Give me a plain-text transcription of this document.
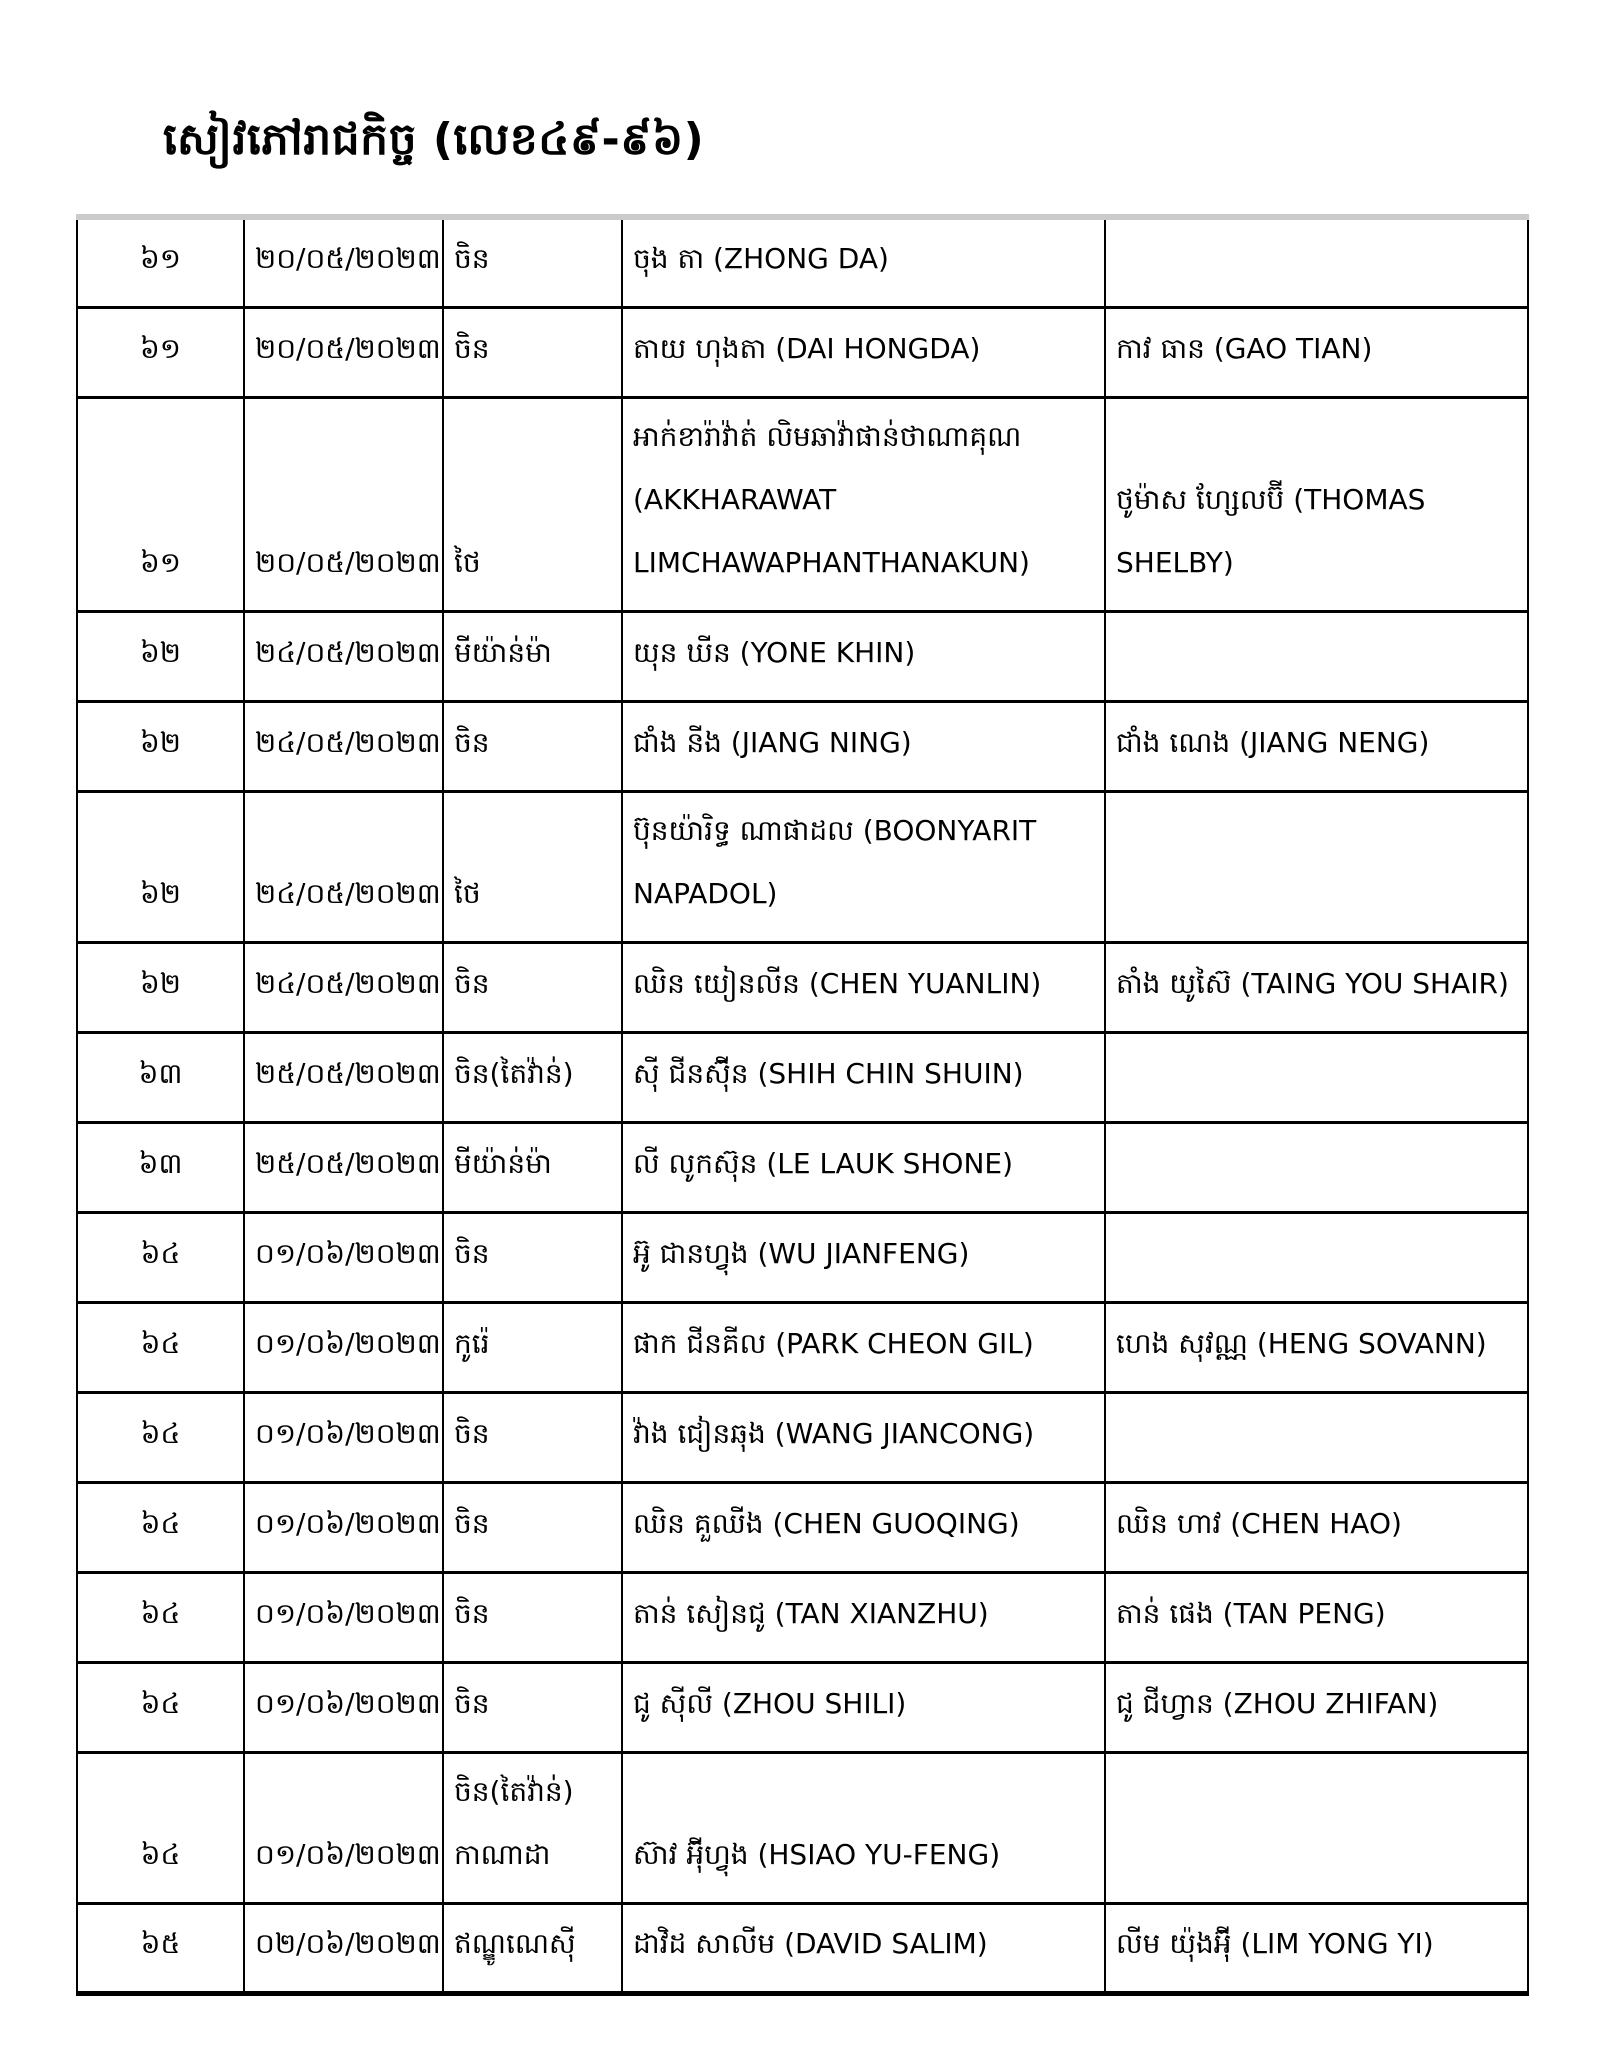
សៀវភៅរាជកិច្ច (លេខ៤៩-៩៦)
៦១	២០/០៥/២០២៣	ចិន	ចុង តា (ZHONG DA)	
៦១	២០/០៥/២០២៣	ចិន	តាយ ហុងតា (DAI HONGDA)	កាវ ធាន (GAO TIAN)
៦១	២០/០៥/២០២៣	ថៃ	អាក់ខារ៉ាវ៉ាត់ លិមឆាវ៉ាផាន់ថាណាគុណ (AKKHARAWAT LIMCHAWAPHANTHANAKUN)	ថូម៉ាស ហ្សែលប៊ី (THOMAS SHELBY)
៦២	២៤/០៥/២០២៣	មីយ៉ាន់ម៉ា	យុន ឃីន (YONE KHIN)	
៦២	២៤/០៥/២០២៣	ចិន	ជាំង នីង (JIANG NING)	ជាំង ណេង (JIANG NENG)
៦២	២៤/០៥/២០២៣	ថៃ	ប៊ុនយ៉ារិទ្ធ ណាផាដល (BOONYARIT NAPADOL)	
៦២	២៤/០៥/២០២៣	ចិន	ឈិន យៀនលីន (CHEN YUANLIN)	តាំង យូស៊ៃ (TAING YOU SHAIR)
៦៣	២៥/០៥/២០២៣	ចិន(តៃវ៉ាន់)	ស៊ី ជីនស៊ុីន (SHIH CHIN SHUIN)	
៦៣	២៥/០៥/២០២៣	មីយ៉ាន់ម៉ា	លី លូកស៊ុន (LE LAUK SHONE)	
៦៤	០១/០៦/២០២៣	ចិន	អ៊ូ ជានហ្វុង (WU JIANFENG)	
៦៤	០១/០៦/២០២៣	កូរ៉េ	ផាក ជីនគីល (PARK CHEON GIL)	ហេង សុវណ្ណ (HENG SOVANN)
៦៤	០១/០៦/២០២៣	ចិន	វ៉ាង ជៀនឆុង (WANG JIANCONG)	
៦៤	០១/០៦/២០២៣	ចិន	ឈិន គួឈីង (CHEN GUOQING)	ឈិន ហាវ (CHEN HAO)
៦៤	០១/០៦/២០២៣	ចិន	តាន់ សៀនជូ (TAN XIANZHU)	តាន់ ផេង (TAN PENG)
៦៤	០១/០៦/២០២៣	ចិន	ជូ ស៊ីលី (ZHOU SHILI)	ជូ ជីហ្វាន (ZHOU ZHIFAN)
៦៤	០១/០៦/២០២៣	ចិន(តៃវ៉ាន់) កាណាដា	ស៊ាវ អ៊ុីហ្វុង (HSIAO YU-FENG)	
៦៥	០២/០៦/២០២៣	ឥណ្ឌូណេស៊ី	ដាវិដ សាលីម (DAVID SALIM)	លីម យ៉ុងអ៊ុី (LIM YONG YI)
